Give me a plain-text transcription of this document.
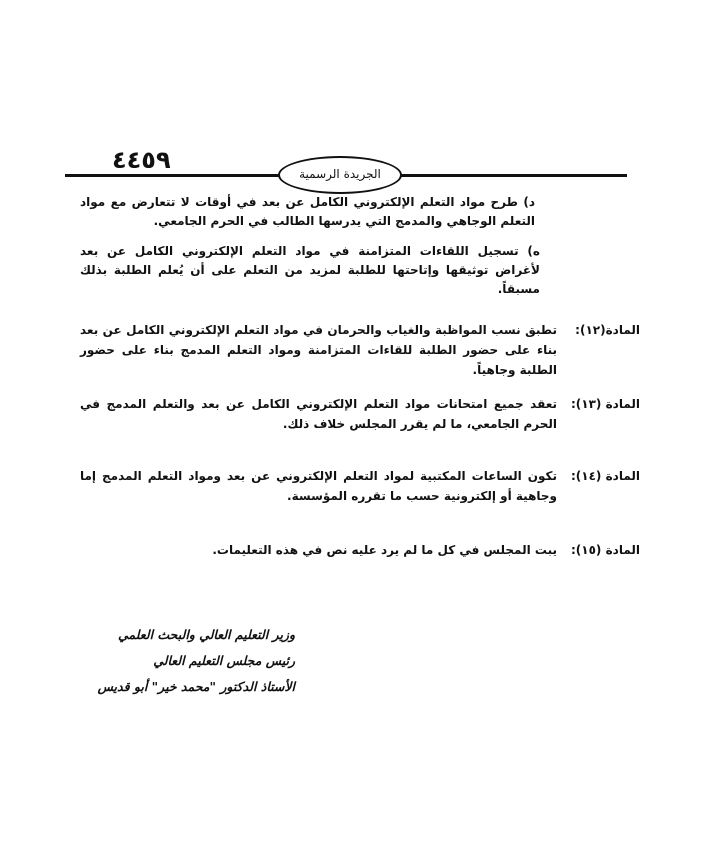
٤٤٥٩	الجريدة الرسمية
د) طرح مواد التعلم الإلكتروني الكامل عن بعد في أوقات لا تتعارض مع مواد التعلم الوجاهي والمدمج التي يدرسها الطالب في الحرم الجامعي.
ه) تسجيل اللقاءات المتزامنة في مواد التعلم الإلكتروني الكامل عن بعد لأغراض توثيقها وإتاحتها للطلبة لمزيد من التعلم على أن يُعلم الطلبة بذلك مسبقاً.
المادة(١٢):
تطبق نسب المواظبة والغياب والحرمان في مواد التعلم الإلكتروني الكامل عن بعد بناء على حضور الطلبة للقاءات المتزامنة ومواد التعلم المدمج بناء على حضور الطلبة وجاهياً.
المادة (١٣):
تعقد جميع امتحانات مواد التعلم الإلكتروني الكامل عن بعد والتعلم المدمج في الحرم الجامعي، ما لم يقرر المجلس خلاف ذلك.
المادة (١٤):
تكون الساعات المكتبية لمواد التعلم الإلكتروني عن بعد ومواد التعلم المدمج إما وجاهية أو إلكترونية حسب ما تقرره المؤسسة.
المادة (١٥):
يبت المجلس في كل ما لم يرد عليه نص في هذه التعليمات.
وزير التعليم العالي والبحث العلمي
رئيس مجلس التعليم العالي
الأستاذ الدكتور "محمد خير" أبو قديس
